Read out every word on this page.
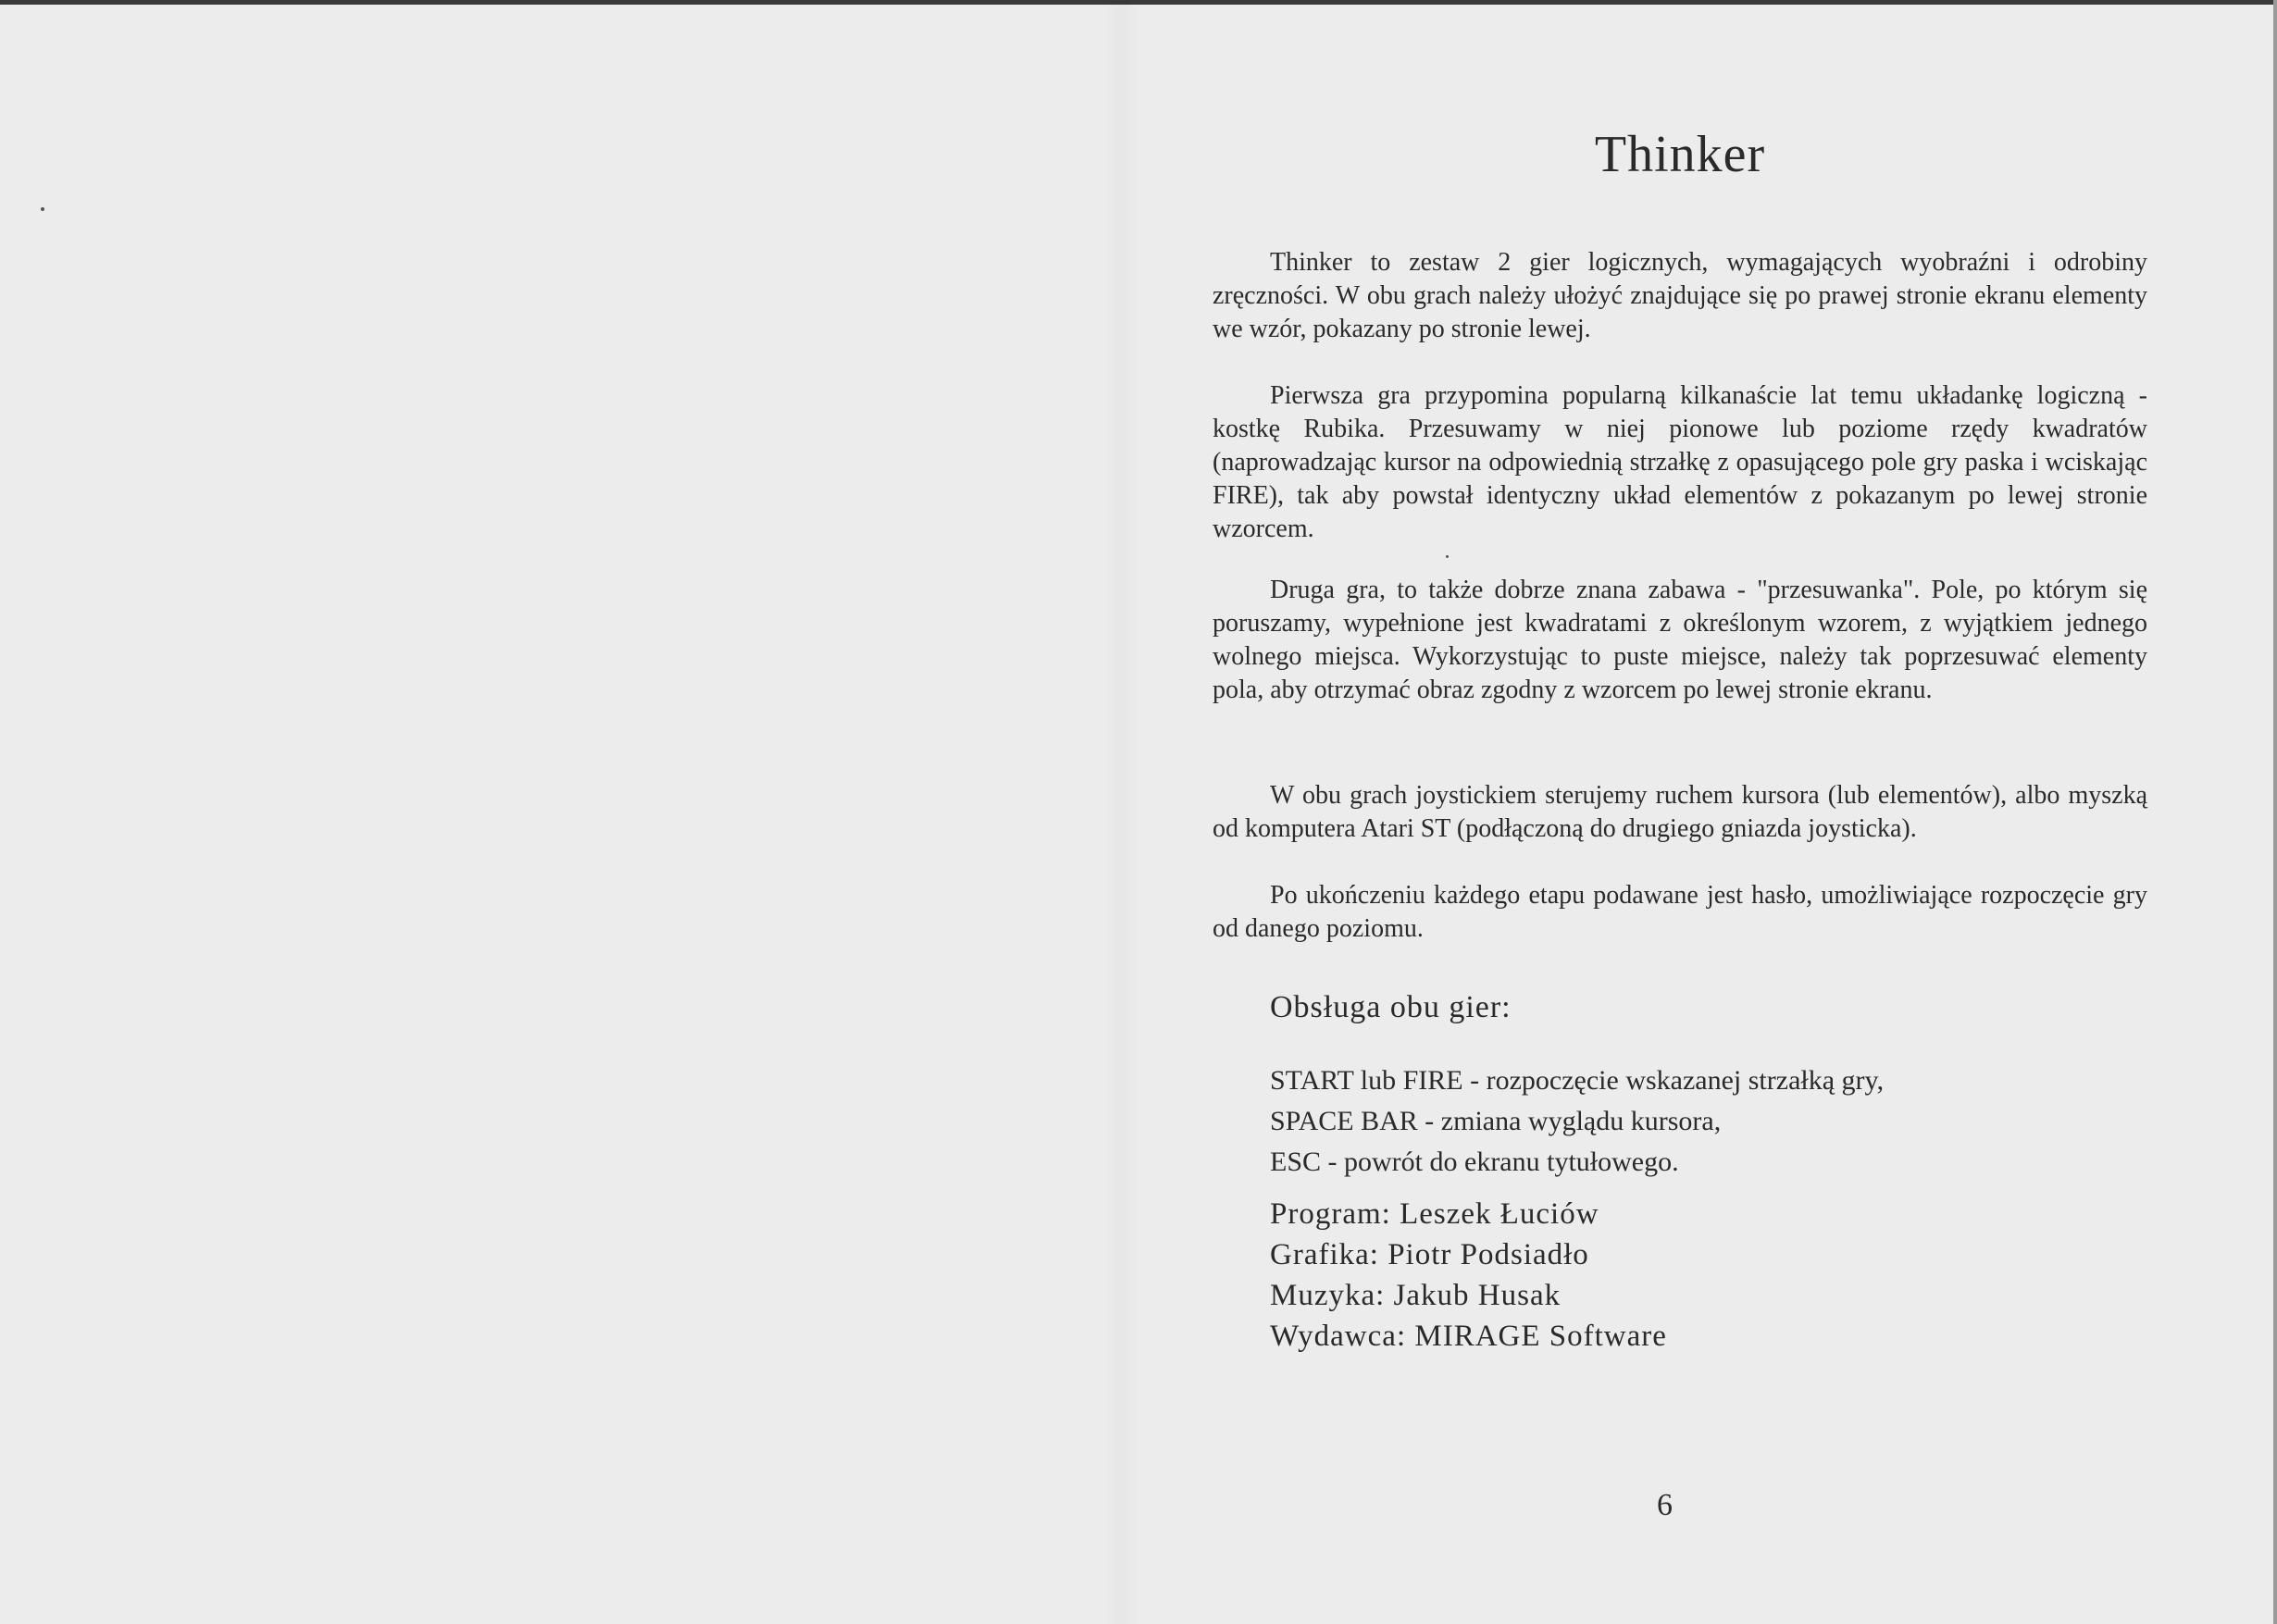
Thinker

Thinker to zestaw 2 gier logicznych, wymagających wyobraźni i odrobiny zręczności. W obu grach należy ułożyć znajdujące się po prawej stronie ekranu elementy we wzór, pokazany po stronie lewej.

Pierwsza gra przypomina popularną kilkanaście lat temu układankę logiczną - kostkę Rubika. Przesuwamy w niej pionowe lub poziome rzędy kwadratów (naprowadzając kursor na odpowiednią strzałkę z opasującego pole gry paska i wciskając FIRE), tak aby powstał identyczny układ elementów z pokazanym po lewej stronie wzorcem.

Druga gra, to także dobrze znana zabawa - "przesuwanka". Pole, po którym się poruszamy, wypełnione jest kwadratami z określonym wzorem, z wyjątkiem jednego wolnego miejsca. Wykorzystując to puste miejsce, należy tak poprzesuwać elementy pola, aby otrzymać obraz zgodny z wzorcem po lewej stronie ekranu.

W obu grach joystickiem sterujemy ruchem kursora (lub elementów), albo myszką od komputera Atari ST (podłączoną do drugiego gniazda joysticka).

Po ukończeniu każdego etapu podawane jest hasło, umożliwiające rozpoczęcie gry od danego poziomu.

Obsługa obu gier:
START lub FIRE - rozpoczęcie wskazanej strzałką gry,
SPACE BAR - zmiana wyglądu kursora,
ESC - powrót do ekranu tytułowego.
Program: Leszek Łuciów
Grafika: Piotr Podsiadło
Muzyka: Jakub Husak
Wydawca: MIRAGE Software

6
